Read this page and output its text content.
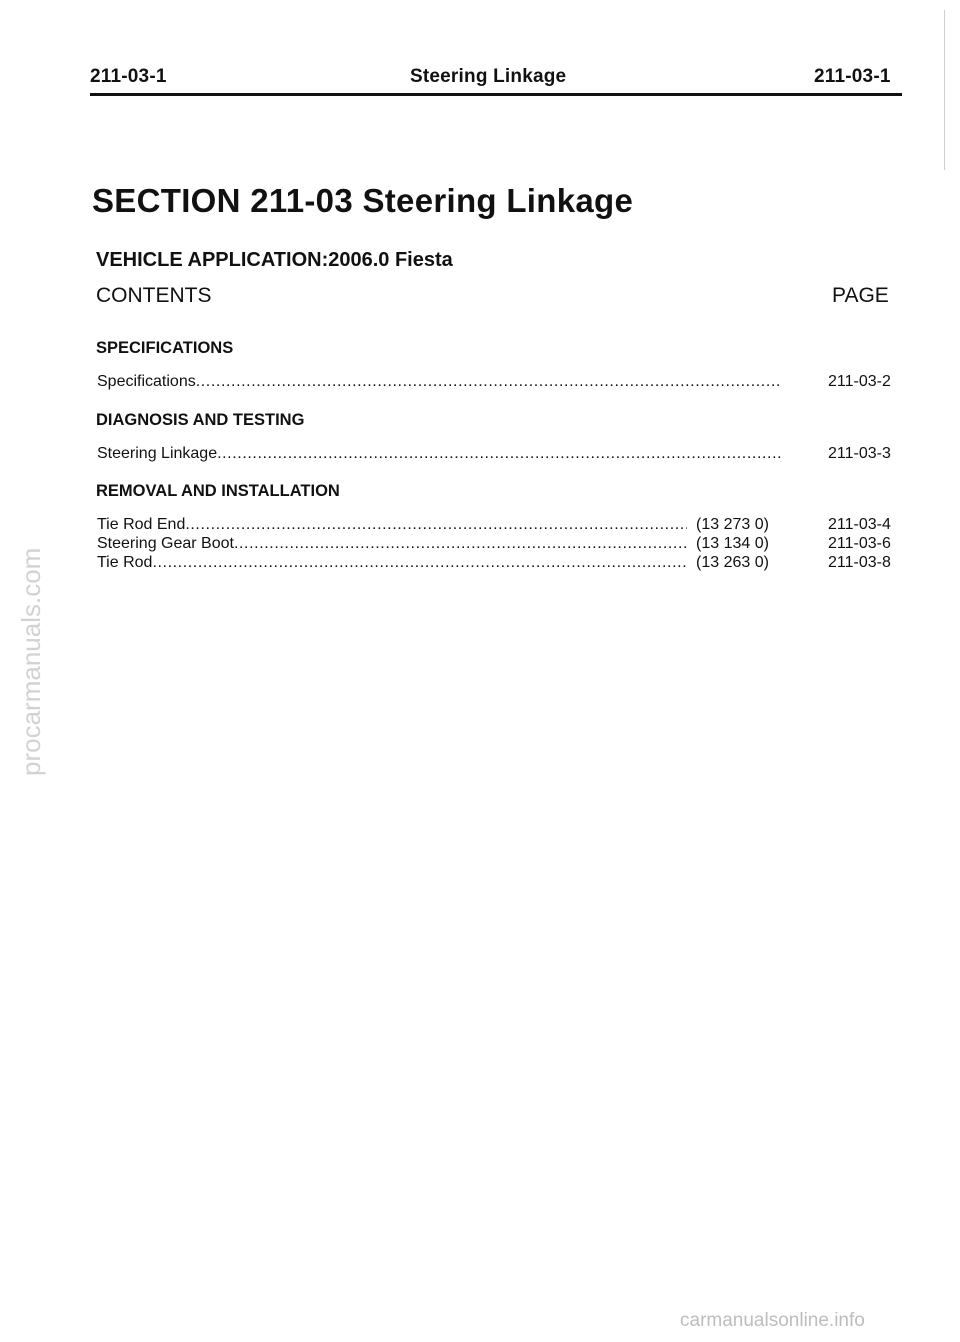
211-03-1	Steering Linkage	211-03-1
SECTION 211-03 Steering Linkage
VEHICLE APPLICATION:2006.0 Fiesta
CONTENTS	PAGE
SPECIFICATIONS
Specifications .....	211-03-2
DIAGNOSIS AND TESTING
Steering Linkage .....	211-03-3
REMOVAL AND INSTALLATION
Tie Rod End .....	(13 273 0)	211-03-4
Steering Gear Boot .....	(13 134 0)	211-03-6
Tie Rod .....	(13 263 0)	211-03-8
procarmanuals.com
carmanualsonline.info
